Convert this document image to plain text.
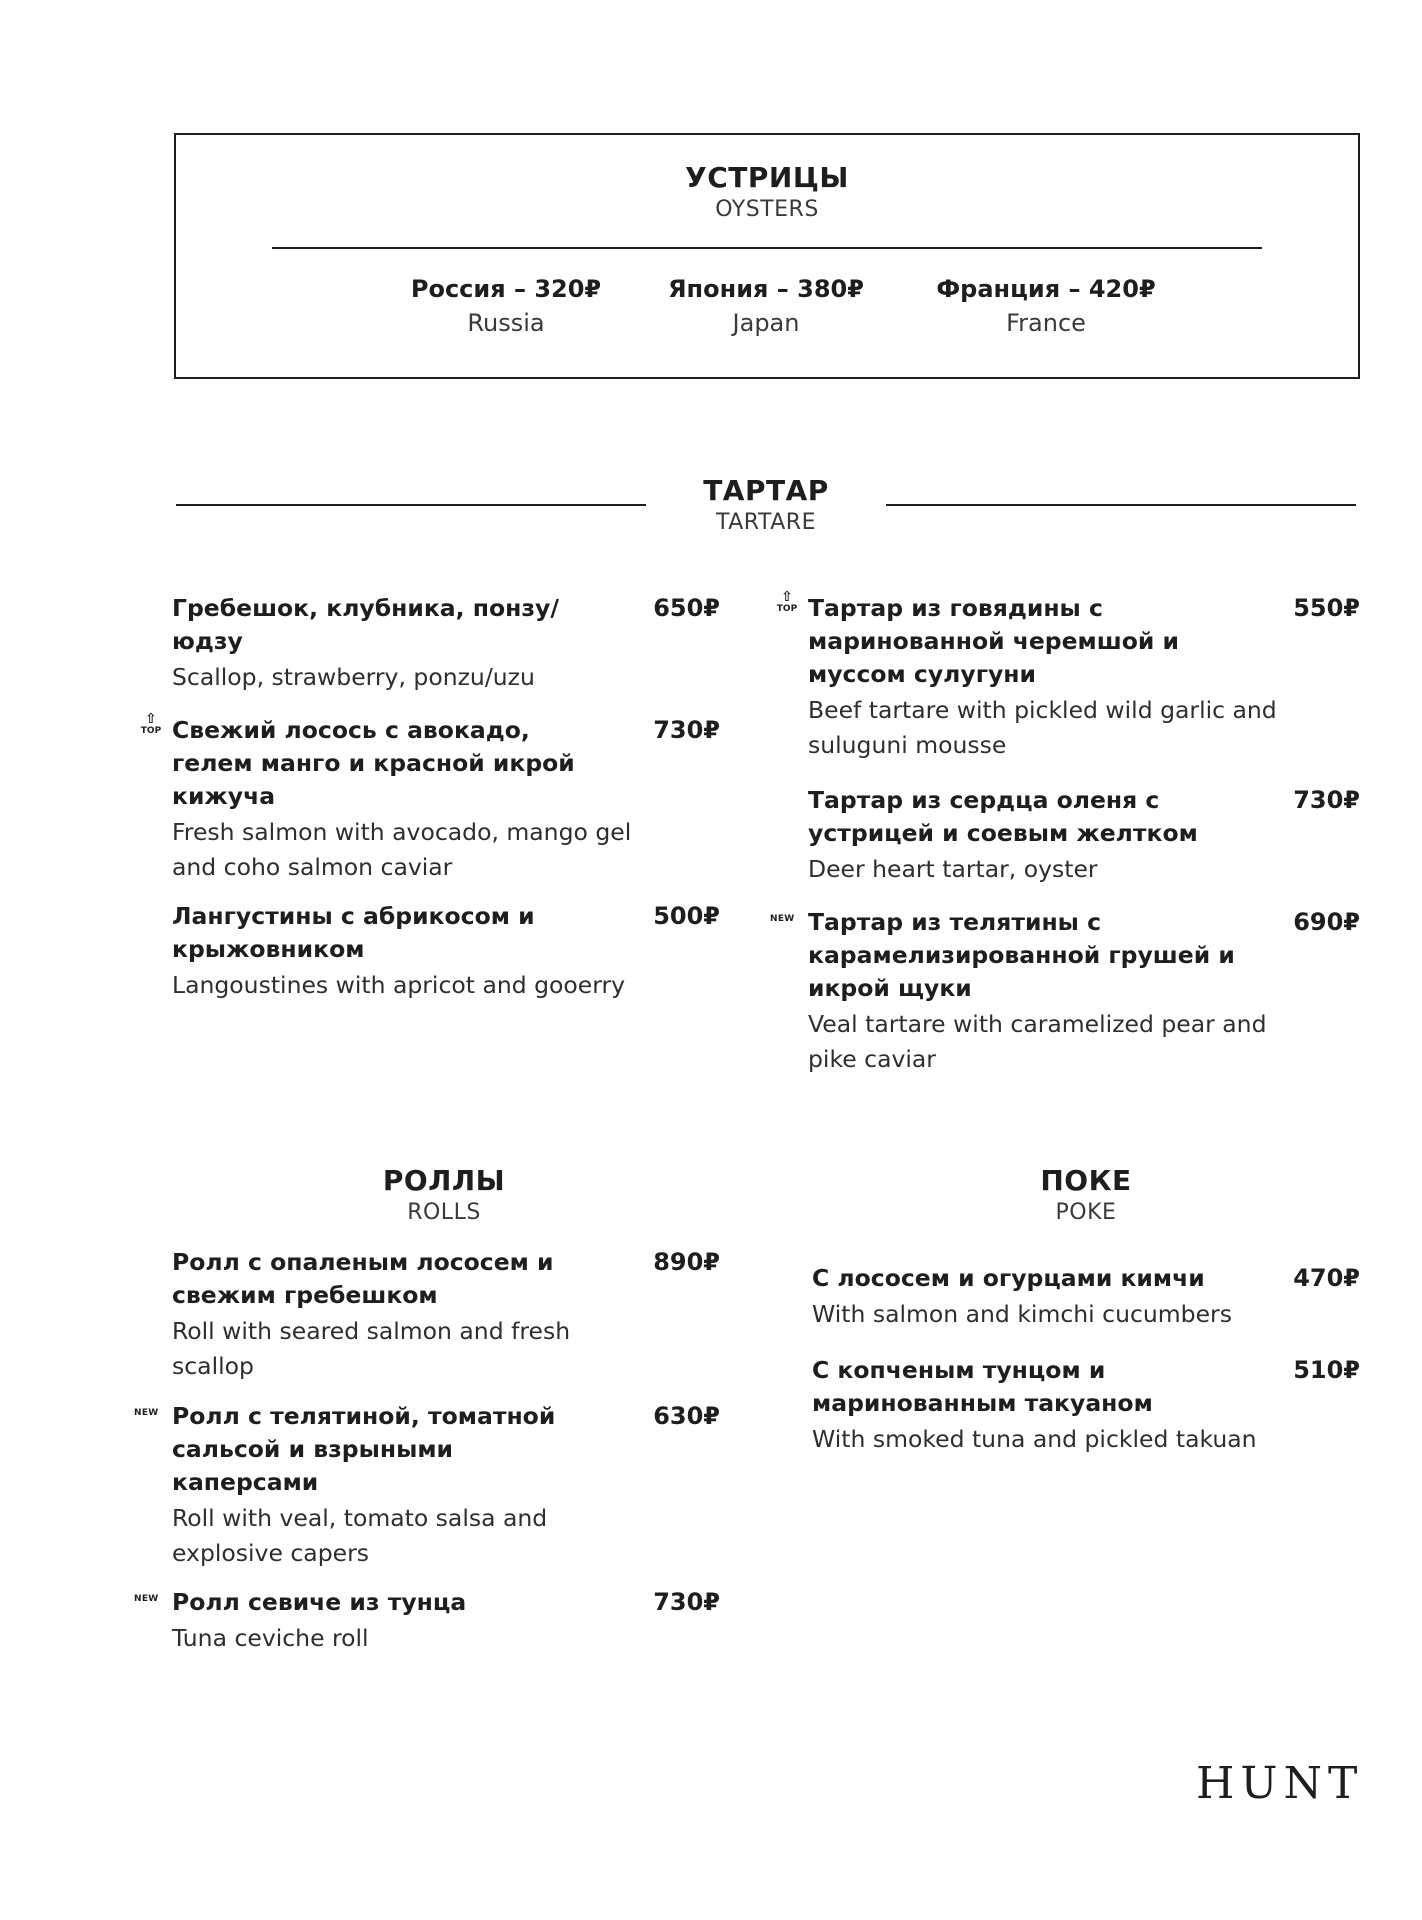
УСТРИЦЫ
OYSTERS
Россия – 320₽
Russia
Япония – 380₽
Japan
Франция – 420₽
France
ТАРТАР
TARTARE
Гребешок, клубника, понзу/юдзу
Scallop, strawberry, ponzu/uzu
650₽
⇧
TOP Свежий лосось с авокадо, гелем манго и красной икрой кижуча
Fresh salmon with avocado, mango gel and coho salmon caviar
730₽
Лангустины с абрикосом и крыжовником
Langoustines with apricot and gooerry
500₽
⇧
TOP Тартар из говядины с маринованной черемшой и муссом сулугуни
Beef tartare with pickled wild garlic and suluguni mousse
550₽
Тартар из сердца оленя с устрицей и соевым желтком
Deer heart tartar, oyster
730₽
NEW Тартар из телятины с карамелизированной грушей и икрой щуки
Veal tartare with caramelized pear and pike caviar
690₽
РОЛЛЫ
ROLLS
Ролл с опаленым лососем и свежим гребешком
Roll with seared salmon and fresh scallop
890₽
NEW Ролл с телятиной, томатной сальсой и взрыными каперсами
Roll with veal, tomato salsa and explosive capers
630₽
NEW Ролл севиче из тунца
Tuna ceviche roll
730₽
ПОКЕ
POKE
С лососем и огурцами кимчи
With salmon and kimchi cucumbers
470₽
С копченым тунцом и маринованным такуаном
With smoked tuna and pickled takuan
510₽
HUNT
